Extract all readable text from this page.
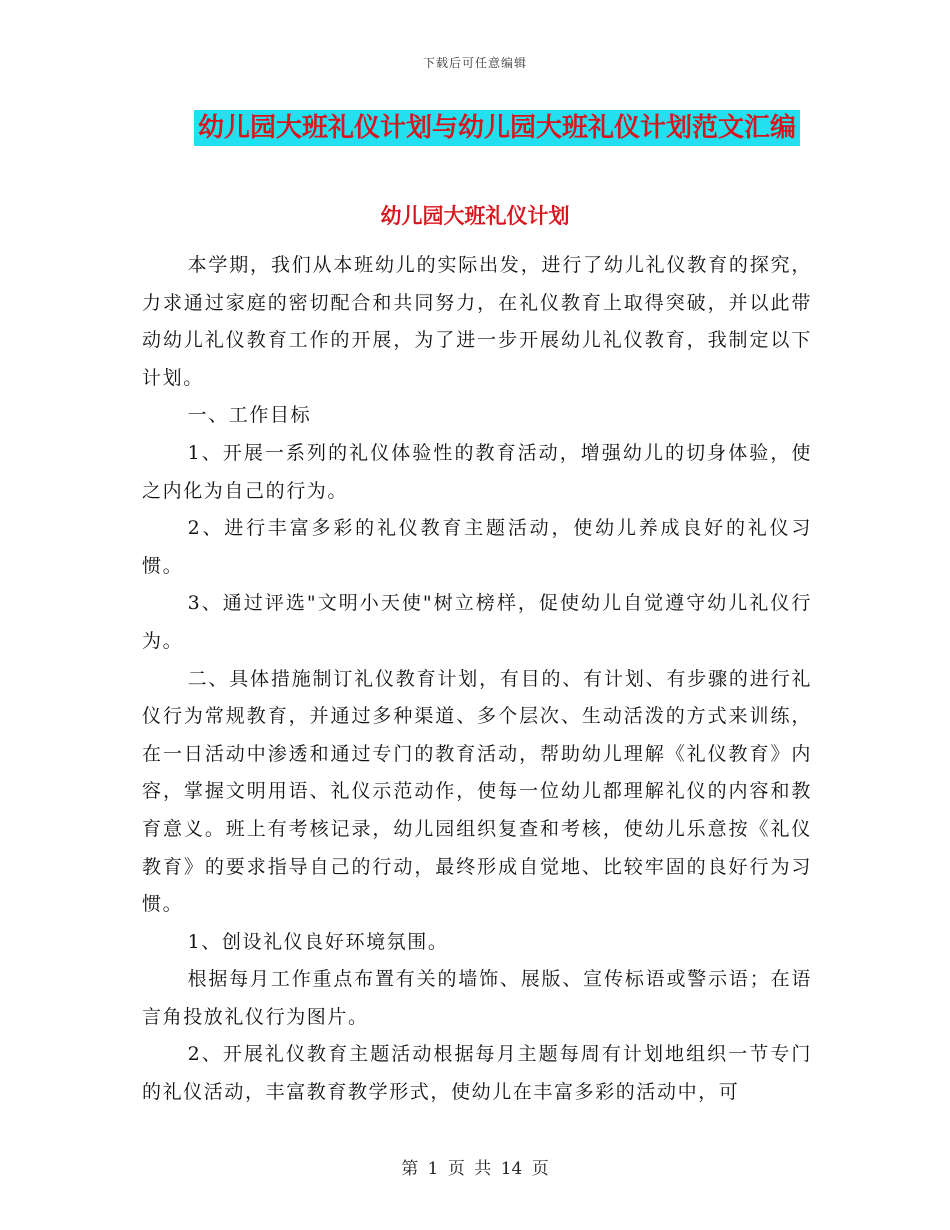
下载后可任意编辑
幼儿园大班礼仪计划与幼儿园大班礼仪计划范文汇编
幼儿园大班礼仪计划

本学期，我们从本班幼儿的实际出发，进行了幼儿礼仪教育的探究，力求通过家庭的密切配合和共同努力，在礼仪教育上取得突破，并以此带动幼儿礼仪教育工作的开展，为了进一步开展幼儿礼仪教育，我制定以下计划。

一、工作目标

1、开展一系列的礼仪体验性的教育活动，增强幼儿的切身体验，使之内化为自己的行为。

2、进行丰富多彩的礼仪教育主题活动，使幼儿养成良好的礼仪习惯。

3、通过评选"文明小天使"树立榜样，促使幼儿自觉遵守幼儿礼仪行为。

二、具体措施制订礼仪教育计划，有目的、有计划、有步骤的进行礼仪行为常规教育，并通过多种渠道、多个层次、生动活泼的方式来训练，在一日活动中渗透和通过专门的教育活动，帮助幼儿理解《礼仪教育》内容，掌握文明用语、礼仪示范动作，使每一位幼儿都理解礼仪的内容和教育意义。班上有考核记录，幼儿园组织复查和考核，使幼儿乐意按《礼仪教育》的要求指导自己的行动，最终形成自觉地、比较牢固的良好行为习惯。

1、创设礼仪良好环境氛围。

根据每月工作重点布置有关的墙饰、展版、宣传标语或警示语；在语言角投放礼仪行为图片。

2、开展礼仪教育主题活动根据每月主题每周有计划地组织一节专门的礼仪活动，丰富教育教学形式，使幼儿在丰富多彩的活动中，可

第 1 页 共 14 页
